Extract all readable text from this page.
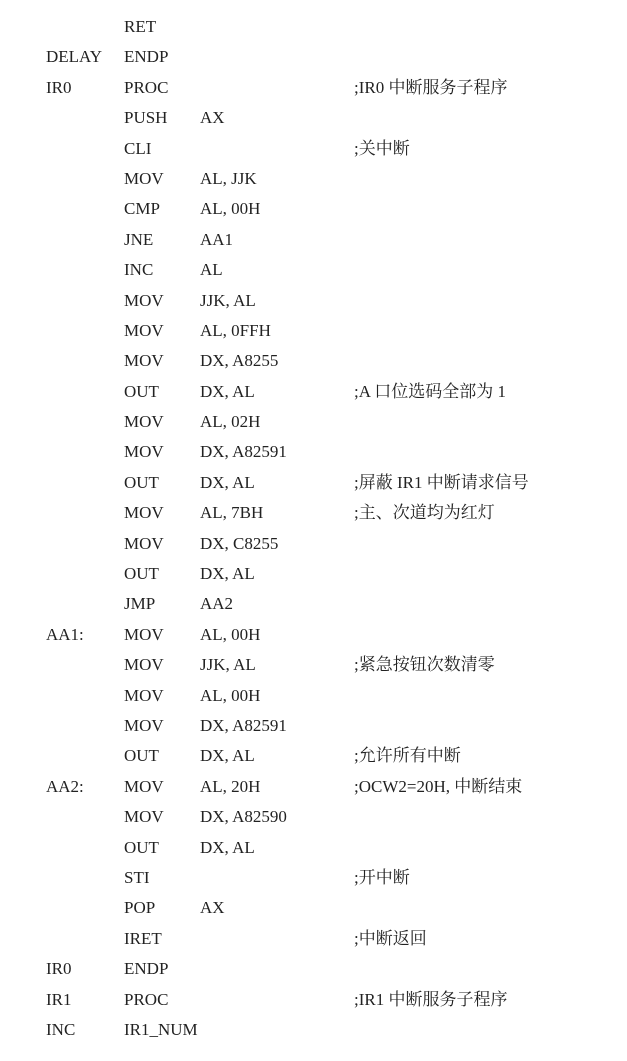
RET
DELAY ENDP
IR0	PROC	;IR0 中断服务子程序
PUSH AX
CLI	;关中断
MOV AL, JJK
CMP AL, 00H
JNE	AA1
INC	AL
MOV JJK, AL
MOV AL, 0FFH
MOV DX, A8255
OUT DX, AL	;A 口位选码全部为 1
MOV AL, 02H
MOV DX, A82591
OUT DX, AL	;屏蔽 IR1 中断请求信号
MOV AL, 7BH	;主、次道均为红灯
MOV DX, C8255
OUT DX, AL
JMP	AA2
AA1: MOV AL, 00H
MOV JJK, AL	;紧急按钮次数清零
MOV AL, 00H
MOV DX, A82591
OUT DX, AL	;允许所有中断
AA2: MOV AL, 20H	;OCW2=20H, 中断结束
MOV DX, A82590
OUT DX, AL
STI	;开中断
POP	AX
IRET	;中断返回
IR0	ENDP
IR1	PROC	;IR1 中断服务子程序
INC	IR1_NUM
